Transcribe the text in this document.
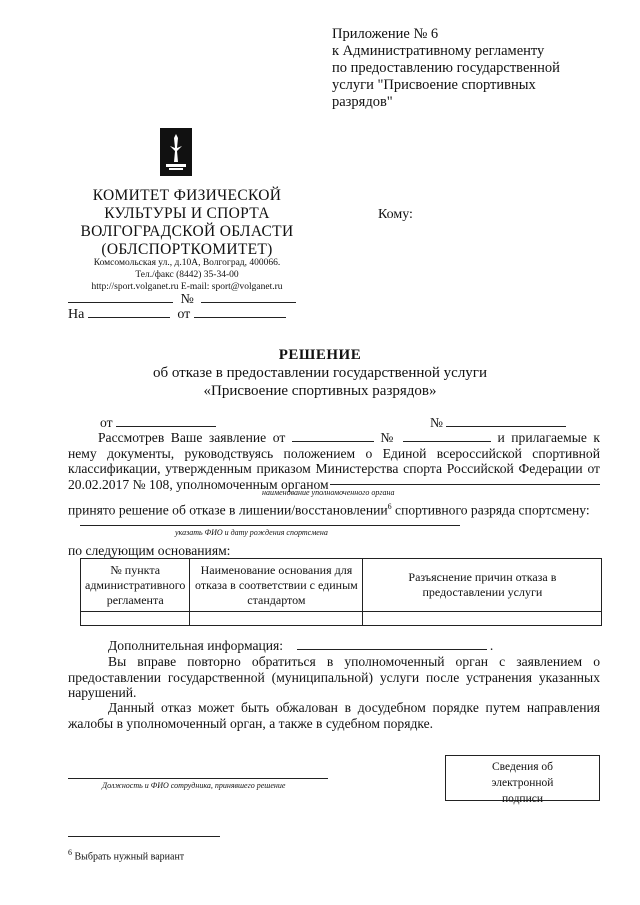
Приложение № 6
к Административному регламенту
по предоставлению государственной
услуги "Присвоение спортивных
разрядов"
КОМИТЕТ ФИЗИЧЕСКОЙ
КУЛЬТУРЫ И СПОРТА
ВОЛГОГРАДСКОЙ ОБЛАСТИ
(ОБЛСПОРТКОМИТЕТ)
Комсомольская ул., д.10А, Волгоград, 400066.
Тел./факс (8442) 35-34-00
http://sport.volganet.ru E-mail: sport@volganet.ru
Кому:
№
На	от
РЕШЕНИЕ
об отказе в предоставлении государственной услуги
«Присвоение спортивных разрядов»
от	№
Рассмотрев Ваше заявление от	№	и прилагаемые к нему документы, руководствуясь положением о Единой всероссийской спортивной классификации, утвержденным приказом Министерства спорта Российской Федерации от 20.02.2017 № 108, уполномоченным органом
наименование уполномоченного органа
принято решение об отказе в лишении/восстановлении$^6$ спортивного разряда спортсмену:
указать ФИО и дату рождения спортсмена
по следующим основаниям:
№ пункта административного регламента	Наименование основания для отказа в соответствии с единым стандартом	Разъяснение причин отказа в предоставлении услуги

Дополнительная информация:	.
Вы вправе повторно обратиться в уполномоченный орган с заявлением о предоставлении государственной (муниципальной) услуги после устранения указанных нарушений.
Данный отказ может быть обжалован в досудебном порядке путем направления жалобы в уполномоченный орган, а также в судебном порядке.
Должность и ФИО сотрудника, принявшего решение
Сведения об
электронной
подписи
$^6$ Выбрать нужный вариант
